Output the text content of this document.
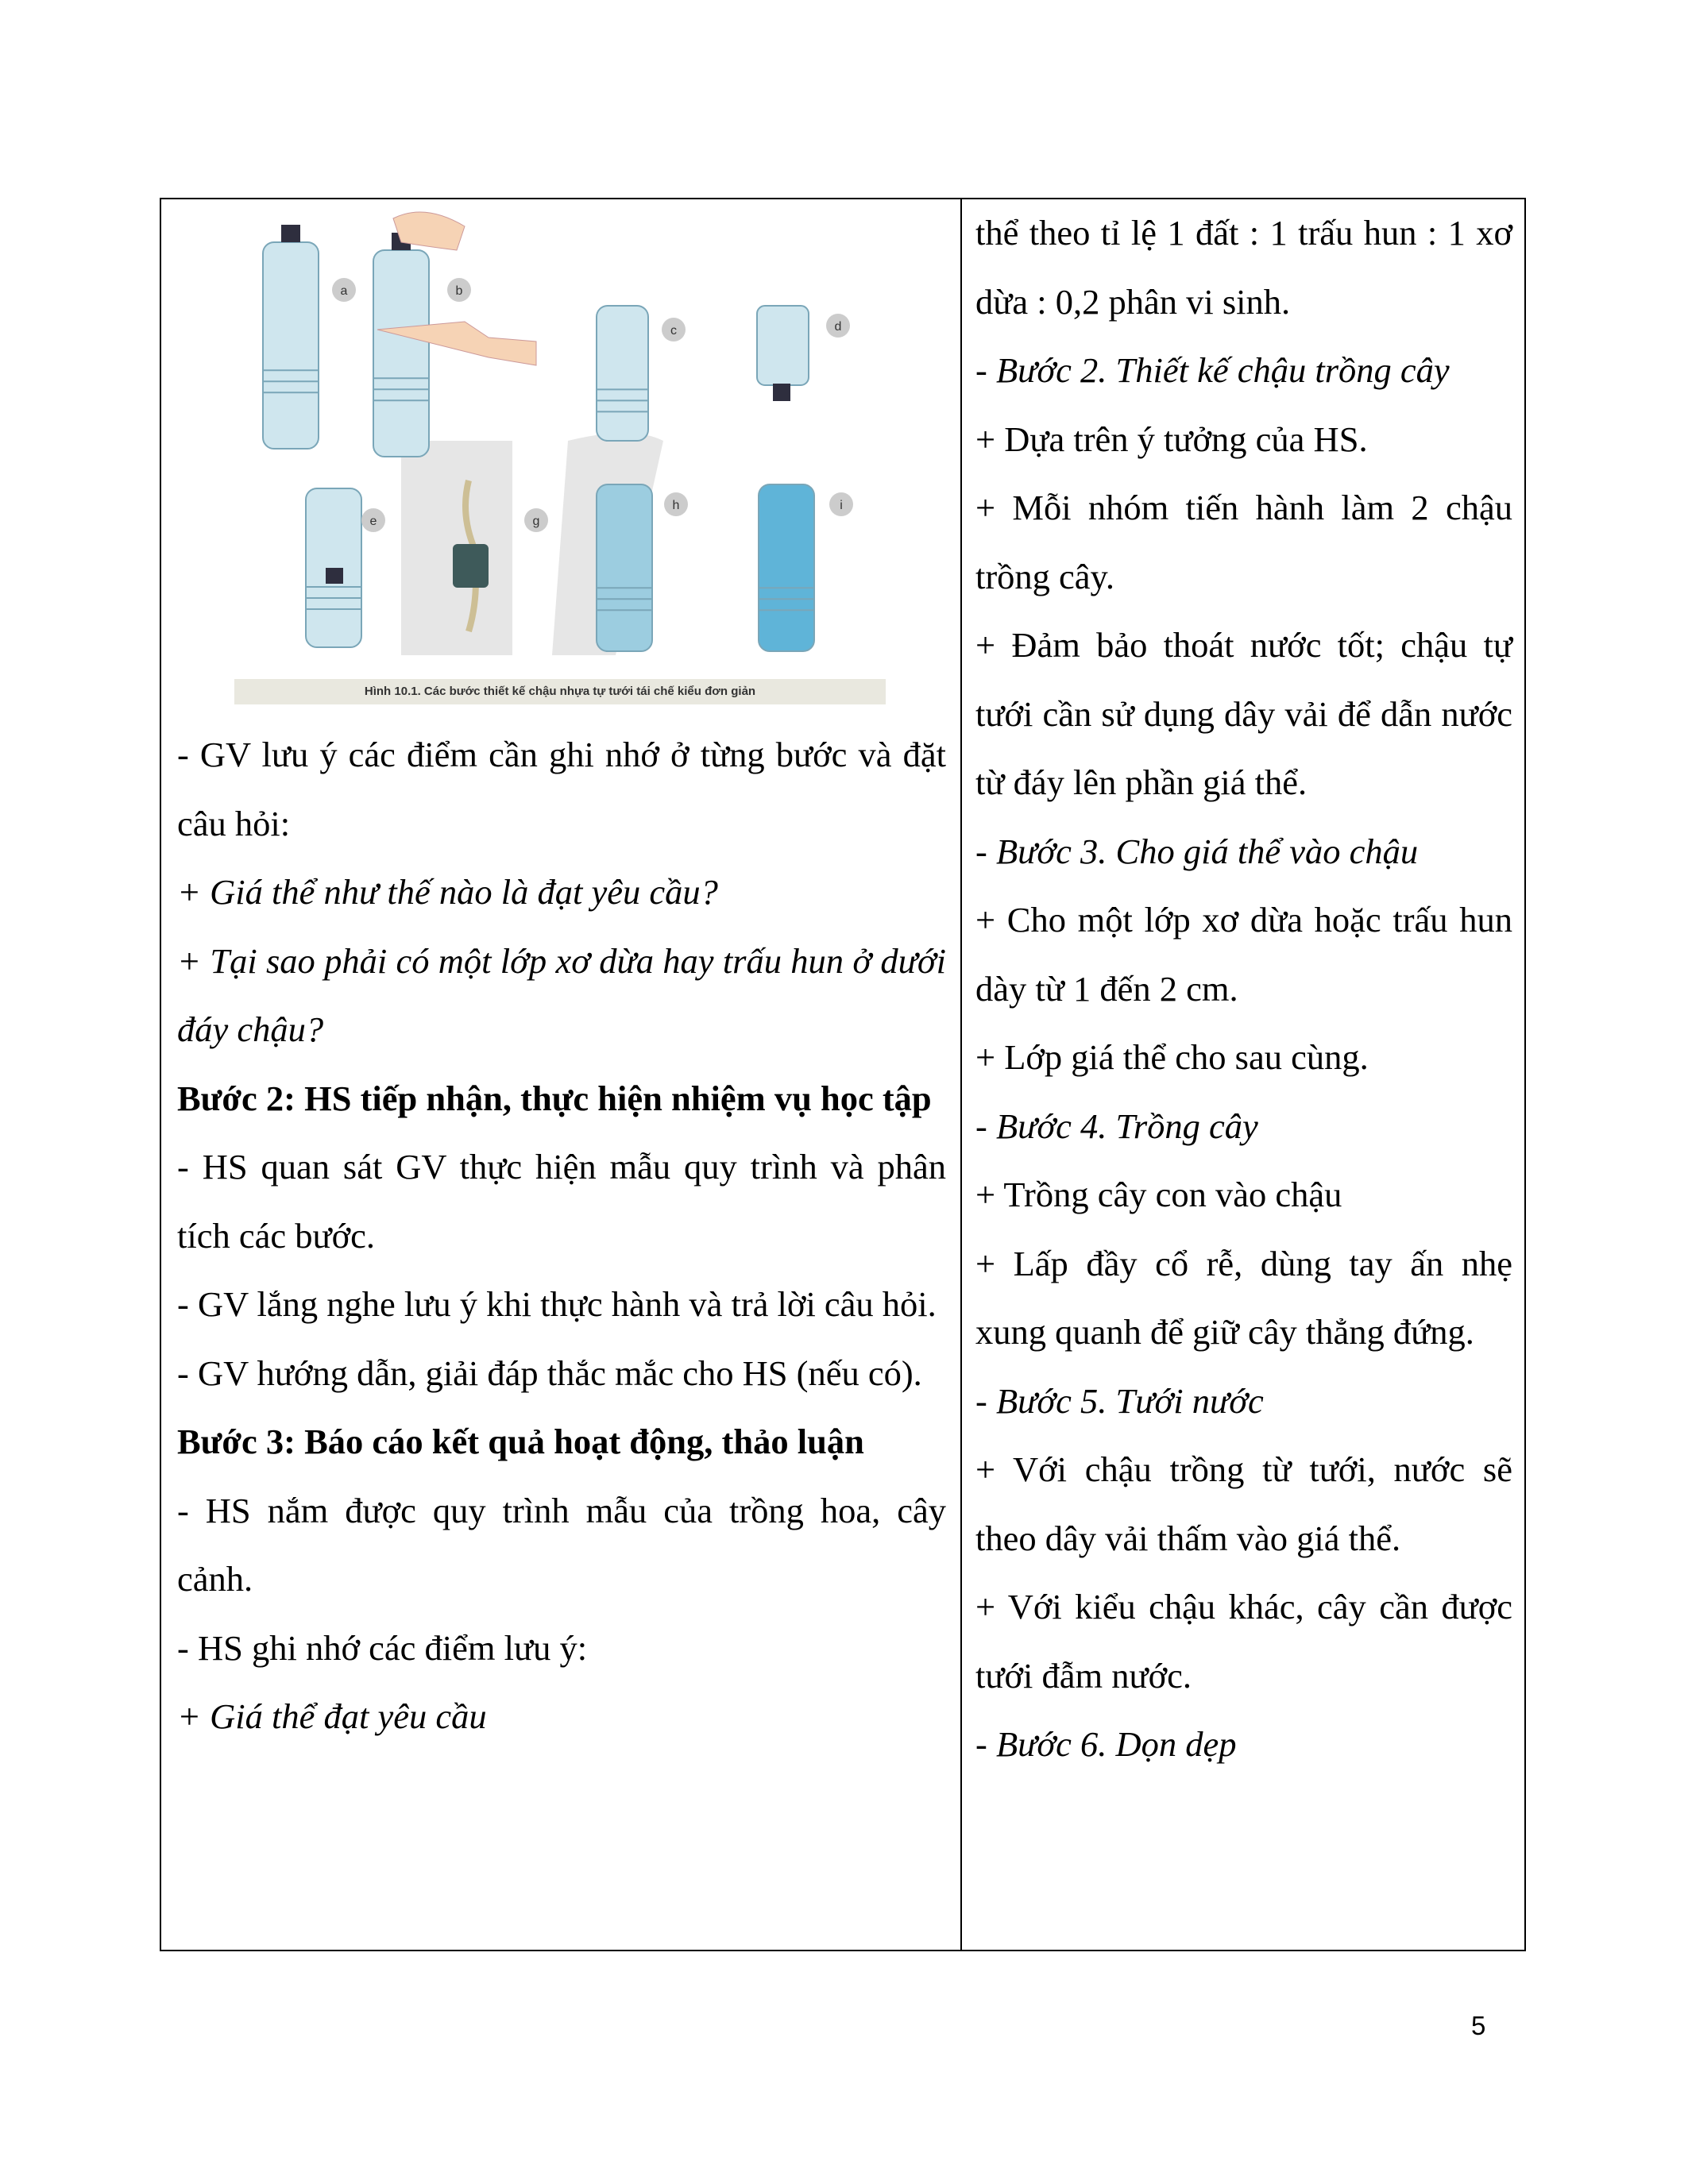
a	b
c	d
e	g
h	i
Hình 10.1. Các bước thiết kế chậu nhựa tự tưới tái chế kiểu đơn giản

- GV lưu ý các điểm cần ghi nhớ ở từng bước và đặt câu hỏi:

+ Giá thể như thế nào là đạt yêu cầu?

+ Tại sao phải có một lớp xơ dừa hay trấu hun ở dưới đáy chậu?

Bước 2: HS tiếp nhận, thực hiện nhiệm vụ học tập

- HS quan sát GV thực hiện mẫu quy trình và phân tích các bước.

- GV lắng nghe lưu ý khi thực hành và trả lời câu hỏi.

- GV hướng dẫn, giải đáp thắc mắc cho HS (nếu có).

Bước 3: Báo cáo kết quả hoạt động, thảo luận

- HS nắm được quy trình mẫu của trồng hoa, cây cảnh.

- HS ghi nhớ các điểm lưu ý:

+ Giá thể đạt yêu cầu

thể theo tỉ lệ 1 đất : 1 trấu hun : 1 xơ dừa : 0,2 phân vi sinh.

- Bước 2. Thiết kế chậu trồng cây

+ Dựa trên ý tưởng của HS.

+ Mỗi nhóm tiến hành làm 2 chậu trồng cây.

+ Đảm bảo thoát nước tốt; chậu tự tưới cần sử dụng dây vải để dẫn nước từ đáy lên phần giá thể.

- Bước 3. Cho giá thể vào chậu

+ Cho một lớp xơ dừa hoặc trấu hun dày từ 1 đến 2 cm.

+ Lớp giá thể cho sau cùng.

- Bước 4. Trồng cây

+ Trồng cây con vào chậu

+ Lấp đầy cổ rễ, dùng tay ấn nhẹ xung quanh để giữ cây thẳng đứng.

- Bước 5. Tưới nước

+ Với chậu trồng từ tưới, nước sẽ theo dây vải thấm vào giá thể.

+ Với kiểu chậu khác, cây cần được tưới đẫm nước.

- Bước 6. Dọn dẹp

5
